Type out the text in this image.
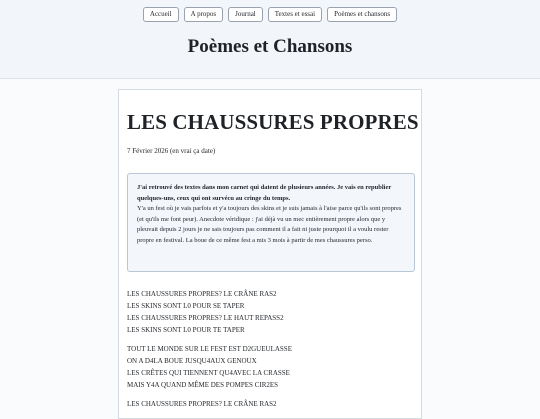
Accueil	A propos	Journal	Textes et essai	Poèmes et chansons
Poèmes et Chansons
LES CHAUSSURES PROPRES
7 Février 2026 (en vrai ça date)
J'ai retrouvé des textes dans mon carnet qui datent de plusieurs années. Je vais en republier quelques-uns, ceux qui ont survécu au cringe du temps.
Y'a un fest où je vais parfois et y'a toujours des skins et je suis jamais à l'aise parce qu'ils sont propres (et qu'ils me font peur). Anecdote véridique : j'ai déjà vu un mec entièrement propre alors que y pleuvait depuis 2 jours je ne sais toujours pas comment il a fait ni juste pourquoi il a voulu rester propre en festival. La boue de ce même fest a mis 3 mois à partir de mes chaussures perso.
LES CHAUSSURES PROPRES? LE CRÂNE RAS2
LES SKINS SONT L0 POUR SE TAPER
LES CHAUSSURES PROPRES? LE HAUT REPASS2
LES SKINS SONT L0 POUR TE TAPER
TOUT LE MONDE SUR LE FEST EST D2GUEULASSE
ON A D4LA BOUE JUSQU4AUX GENOUX
LES CRÊTES QUI TIENNENT QU4AVEC LA CRASSE
MAIS Y4A QUAND MÊME DES POMPES CIR2ES
LES CHAUSSURES PROPRES? LE CRÂNE RAS2
